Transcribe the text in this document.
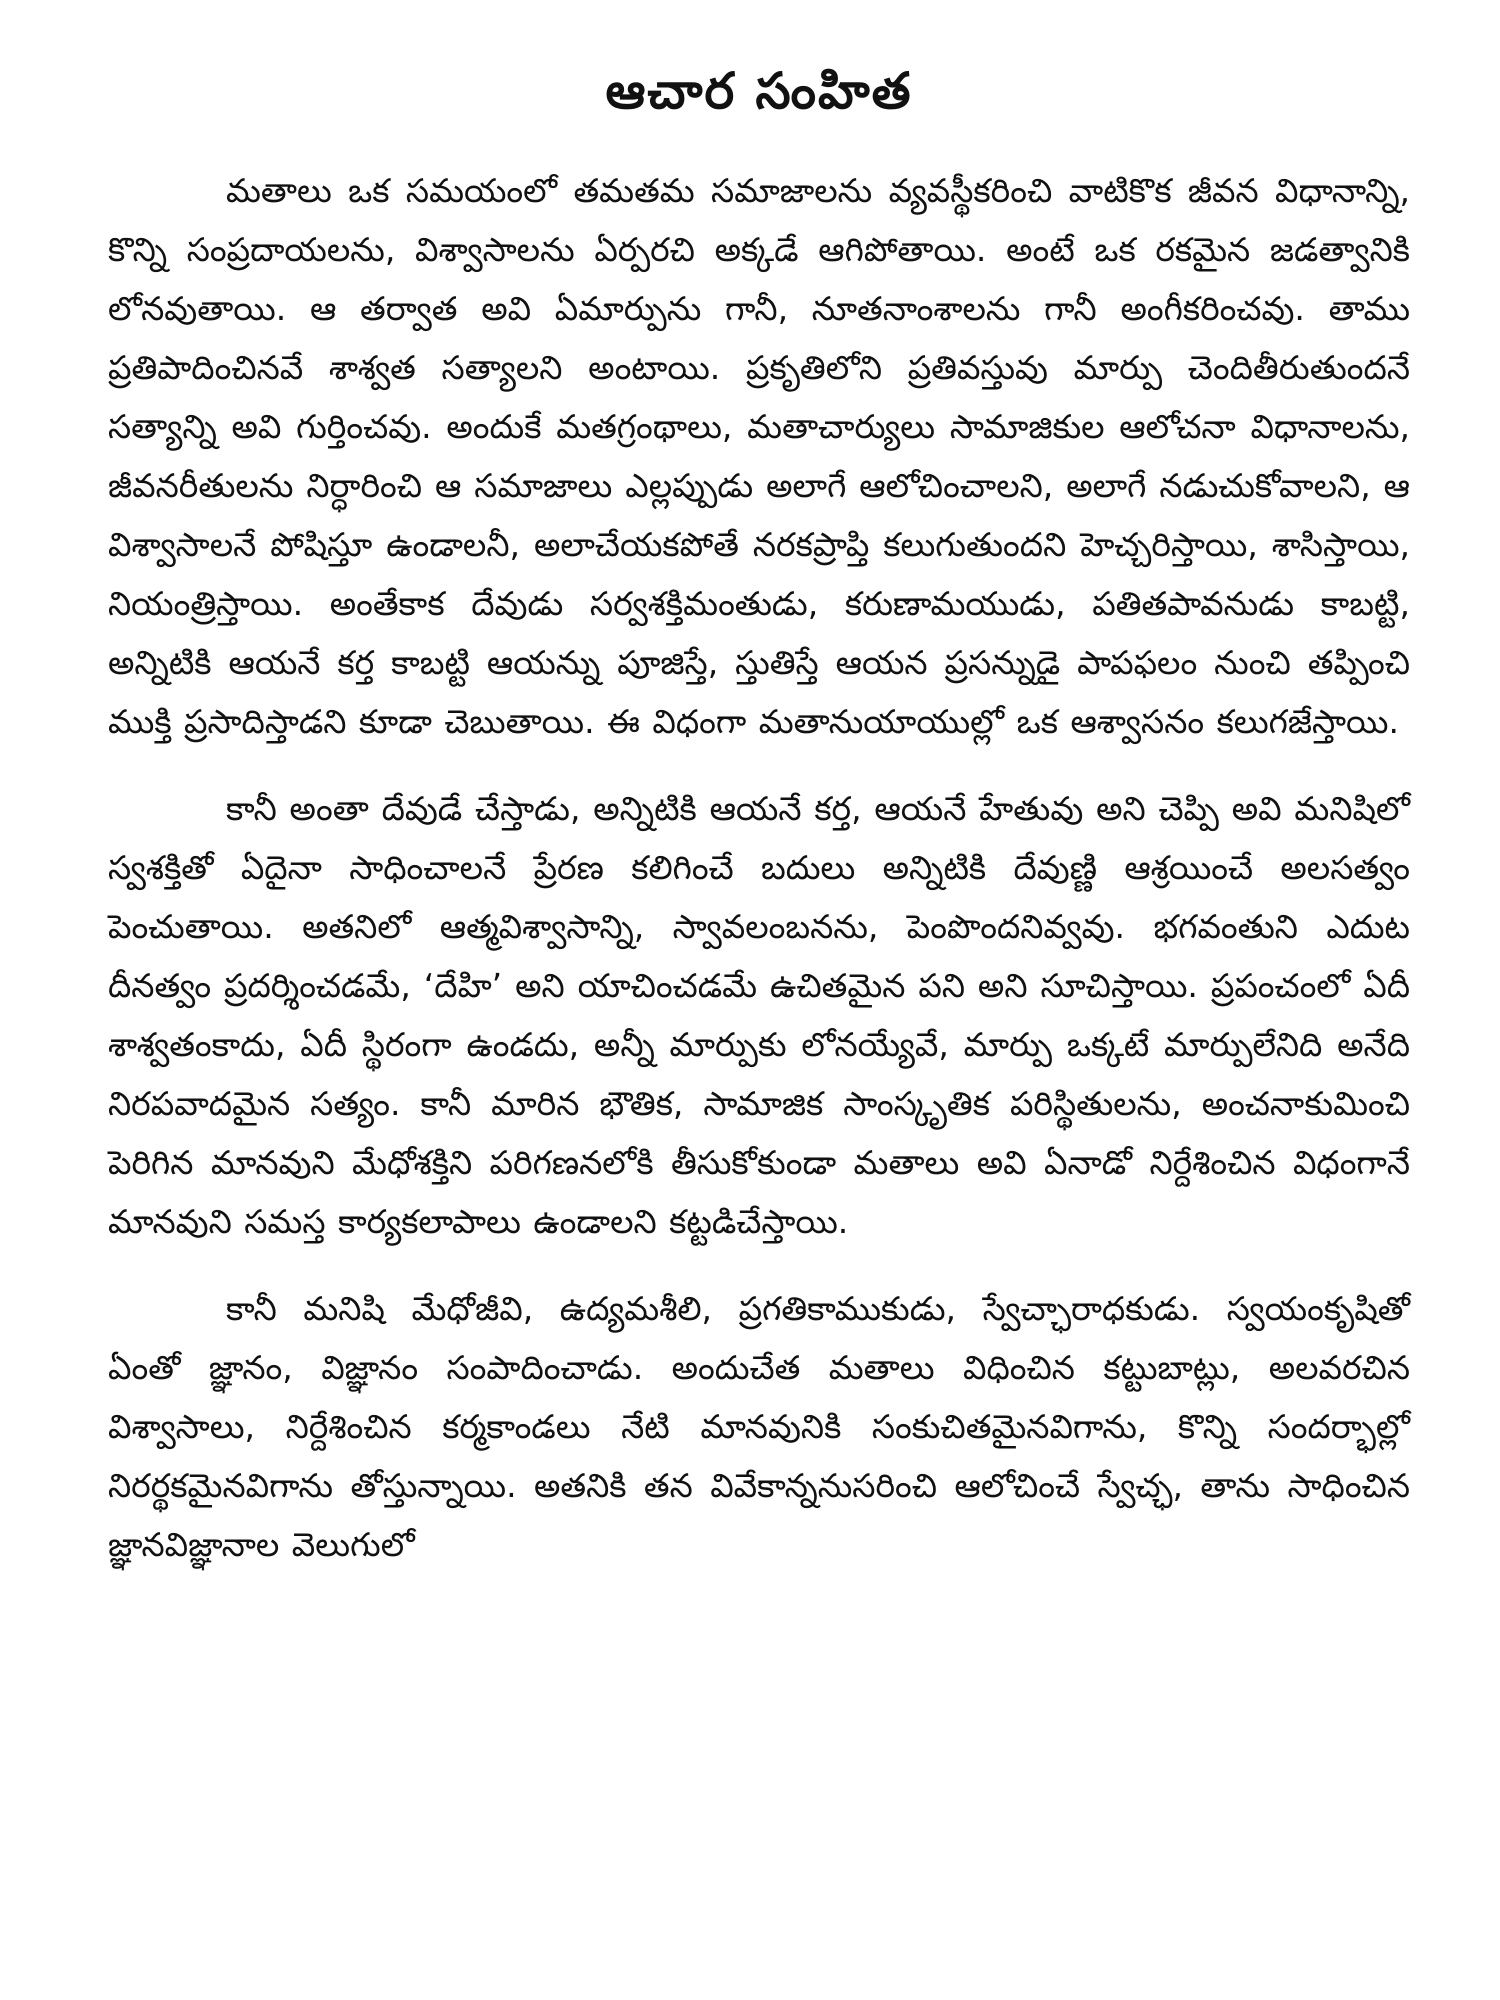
ఆచార సంహిత

మతాలు ఒక సమయంలో తమతమ సమాజాలను వ్యవస్థీకరించి వాటికొక జీవన విధానాన్ని, కొన్ని సంప్రదాయలను, విశ్వాసాలను ఏర్పరచి అక్కడే ఆగిపోతాయి. అంటే ఒక రకమైన జడత్వానికి లోనవుతాయి. ఆ తర్వాత అవి ఏమార్పును గానీ, నూతనాంశాలను గానీ అంగీకరించవు. తాము ప్రతిపాదించినవే శాశ్వత సత్యాలని అంటాయి. ప్రకృతిలోని ప్రతివస్తువు మార్పు చెందితీరుతుందనే సత్యాన్ని అవి గుర్తించవు. అందుకే మతగ్రంథాలు, మతాచార్యులు సామాజికుల ఆలోచనా విధానాలను, జీవనరీతులను నిర్ధారించి ఆ సమాజాలు ఎల్లప్పుడు అలాగే ఆలోచించాలని, అలాగే నడుచుకోవాలని, ఆ విశ్వాసాలనే పోషిస్తూ ఉండాలనీ, అలాచేయకపోతే నరకప్రాప్తి కలుగుతుందని హెచ్చరిస్తాయి, శాసిస్తాయి, నియంత్రిస్తాయి. అంతేకాక దేవుడు సర్వశక్తిమంతుడు, కరుణామయుడు, పతితపావనుడు కాబట్టి, అన్నిటికి ఆయనే కర్త కాబట్టి ఆయన్ను పూజిస్తే, స్తుతిస్తే ఆయన ప్రసన్నుడై పాపఫలం నుంచి తప్పించి ముక్తి ప్రసాదిస్తాడని కూడా చెబుతాయి. ఈ విధంగా మతానుయాయుల్లో ఒక ఆశ్వాసనం కలుగజేస్తాయి.

కానీ అంతా దేవుడే చేస్తాడు, అన్నిటికి ఆయనే కర్త, ఆయనే హేతువు అని చెప్పి అవి మనిషిలో స్వశక్తితో ఏదైనా సాధించాలనే ప్రేరణ కలిగించే బదులు అన్నిటికి దేవుణ్ణి ఆశ్రయించే అలసత్వం పెంచుతాయి. అతనిలో ఆత్మవిశ్వాసాన్ని, స్వావలంబనను, పెంపొందనివ్వవు. భగవంతుని ఎదుట దీనత్వం ప్రదర్శించడమే, ‘దేహి’ అని యాచించడమే ఉచితమైన పని అని సూచిస్తాయి. ప్రపంచంలో ఏదీ శాశ్వతంకాదు, ఏదీ స్థిరంగా ఉండదు, అన్నీ మార్పుకు లోనయ్యేవే, మార్పు ఒక్కటే మార్పులేనిది అనేది నిరపవాదమైన సత్యం. కానీ మారిన భౌతిక, సామాజిక సాంస్కృతిక పరిస్థితులను, అంచనాకుమించి పెరిగిన మానవుని మేధోశక్తిని పరిగణనలోకి తీసుకోకుండా మతాలు అవి ఏనాడో నిర్దేశించిన విధంగానే మానవుని సమస్త కార్యకలాపాలు ఉండాలని కట్టడిచేస్తాయి.

కానీ మనిషి మేధోజీవి, ఉద్యమశీలి, ప్రగతికాముకుడు, స్వేచ్ఛారాధకుడు. స్వయంకృషితో ఏంతో జ్ఞానం, విజ్ఞానం సంపాదించాడు. అందుచేత మతాలు విధించిన కట్టుబాట్లు, అలవరచిన విశ్వాసాలు, నిర్దేశించిన కర్మకాండలు నేటి మానవునికి సంకుచితమైనవిగాను, కొన్ని సందర్భాల్లో నిరర్థకమైనవిగాను తోస్తున్నాయి. అతనికి తన వివేకాన్ననుసరించి ఆలోచించే స్వేచ్ఛ, తాను సాధించిన జ్ఞానవిజ్ఞానాల వెలుగులో
